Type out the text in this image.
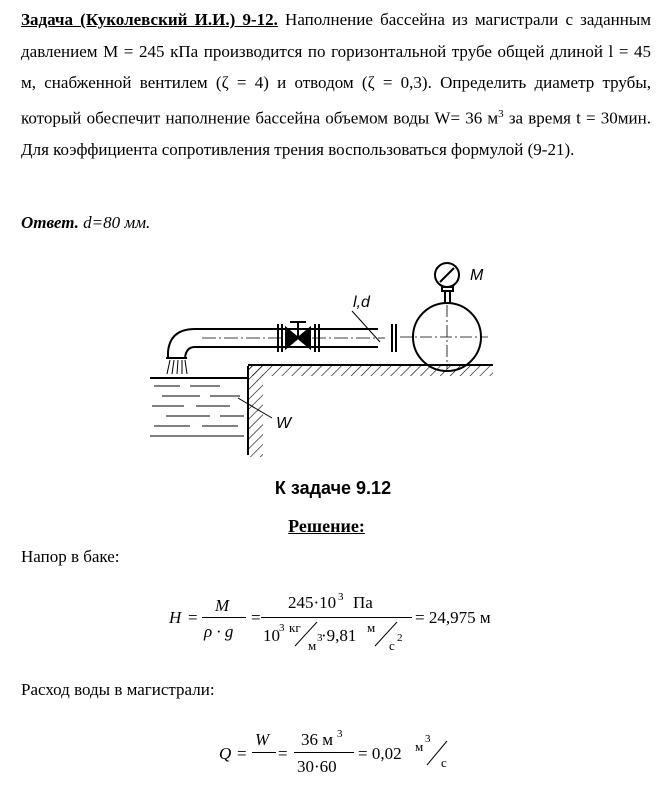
Задача (Куколевский И.И.) 9-12. Наполнение бассейна из магистрали с заданным давлением М = 245 кПа производится по горизонтальной трубе общей длиной l = 45 м, снабженной вентилем (ζ = 4) и отводом (ζ = 0,3). Определить диаметр трубы, который обеспечит наполнение бассейна объемом воды W= 36 $м^3$ за время t = 30мин. Для коэффициента сопротивления трения воспользоваться формулой (9-21).
Ответ. d=80 мм.
M
l,d
W
К задаче 9.12
Решение:
Напор в баке:
H =
M
ρ · g
=
245·10 3 Па
10 3 кг
м 3
·9,81 м
с 2
= 24,975 м
Расход воды в магистрали:
Q =
W
=
36 м 3
30·60
= 0,02 м 3
с
